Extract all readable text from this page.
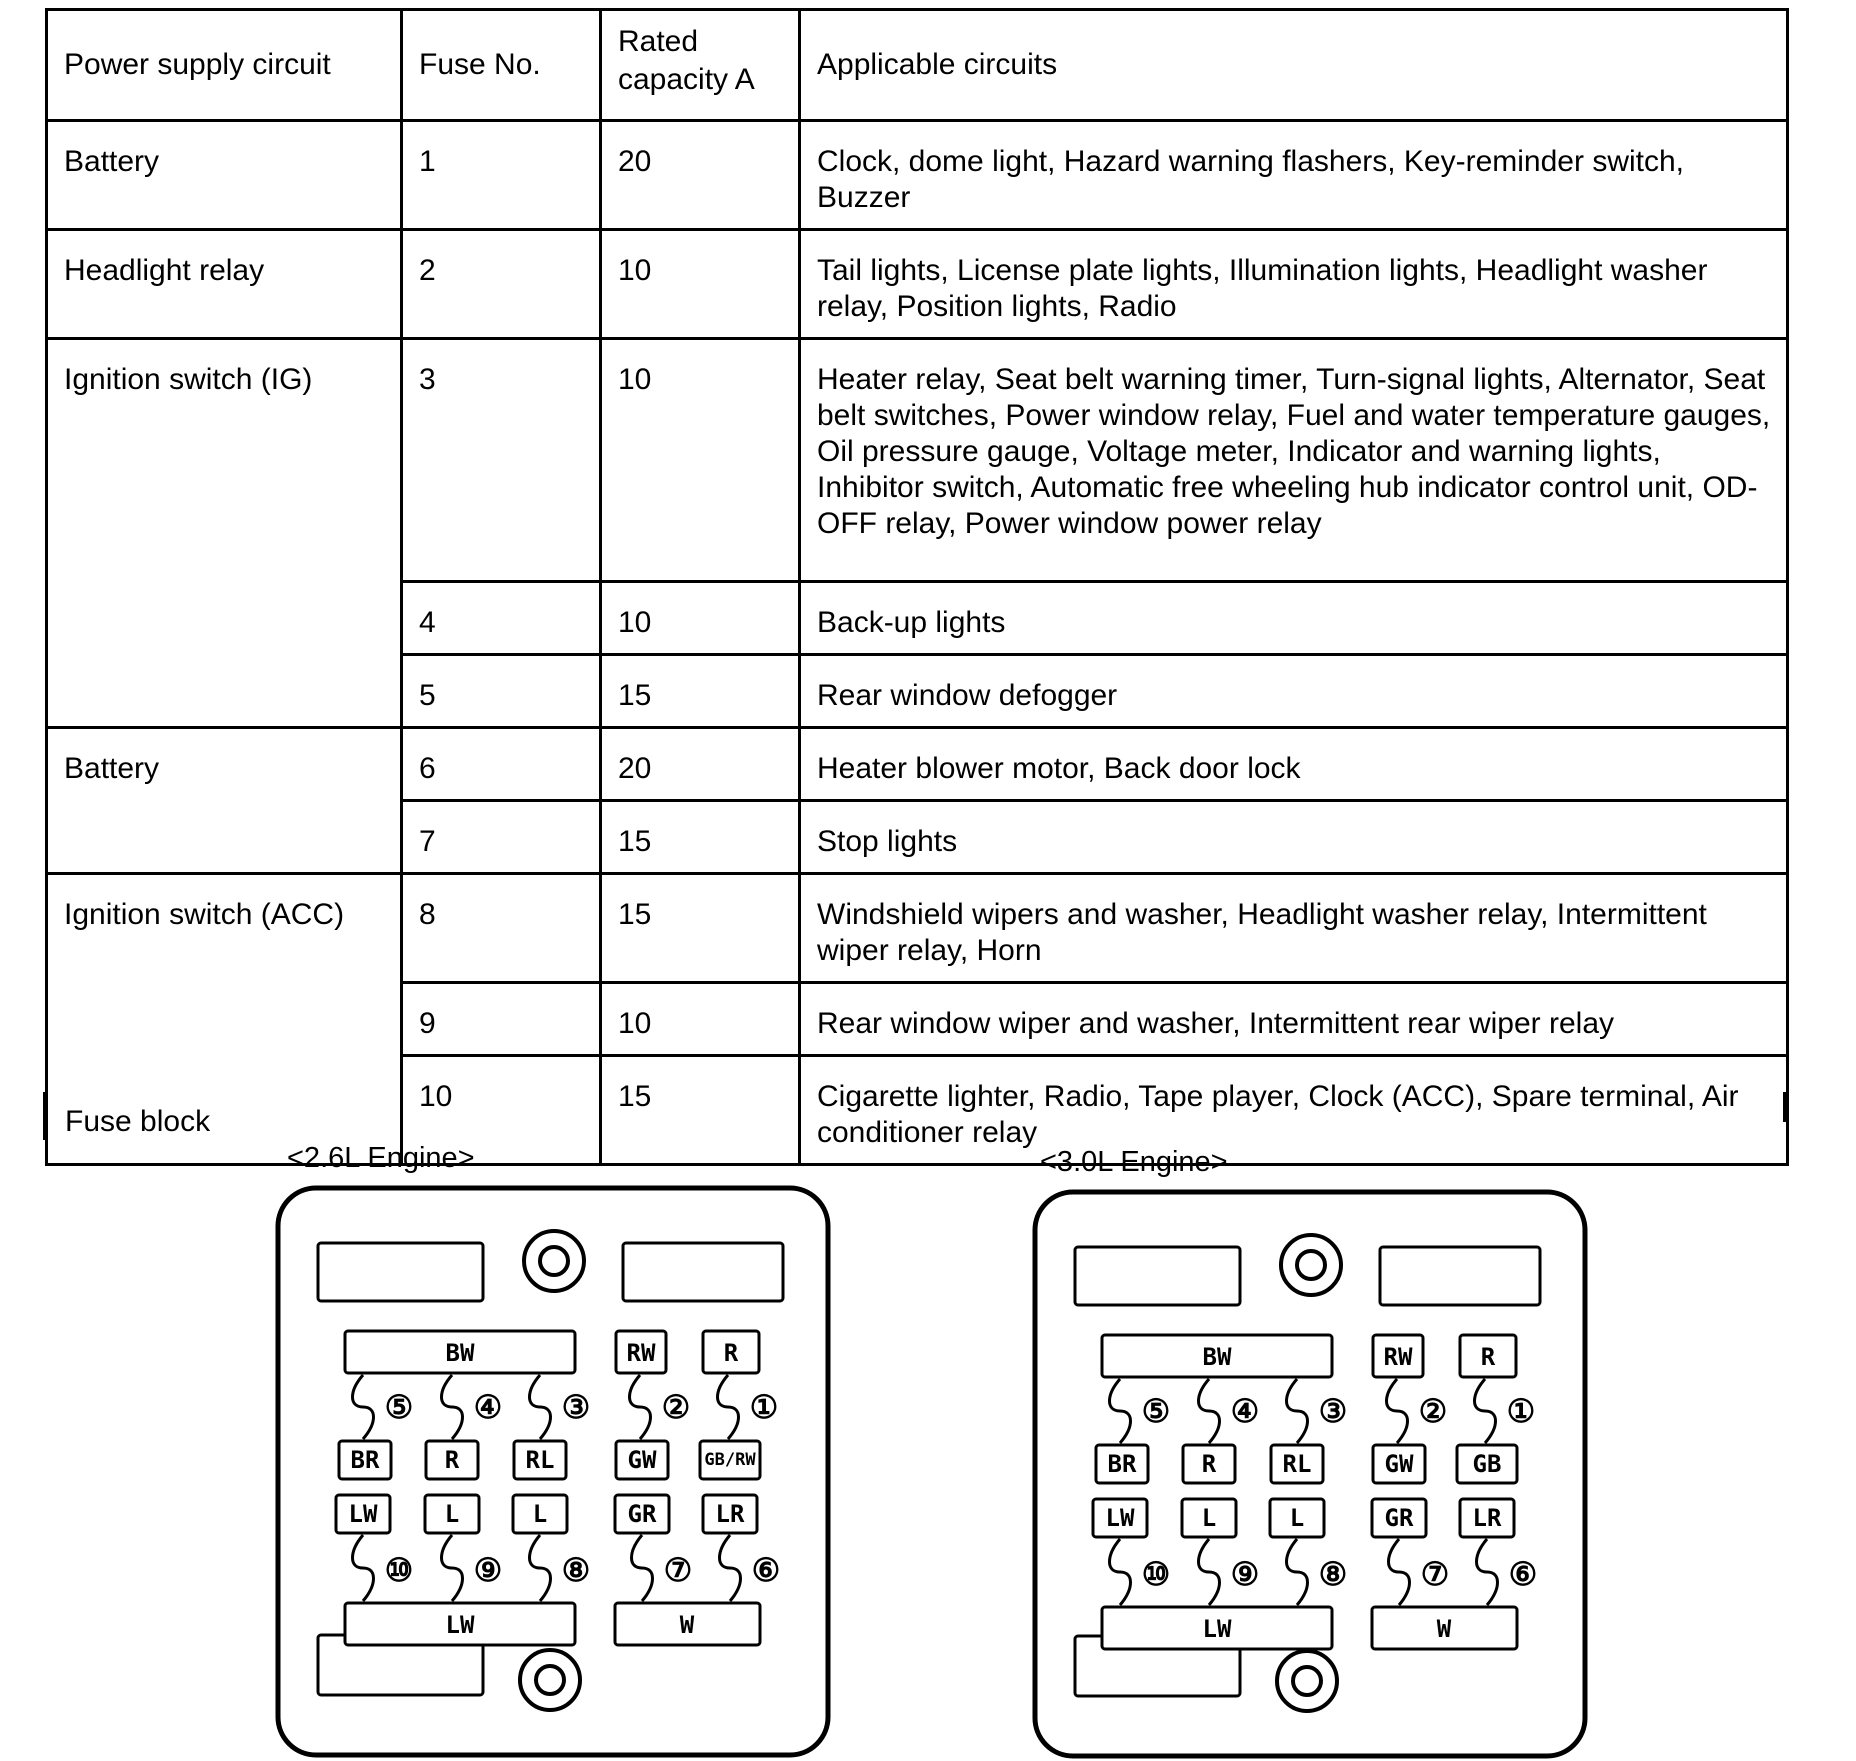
Power supply circuit	Fuse No.	Rated capacity A	Applicable circuits
Battery	1	20	Clock, dome light, Hazard warning flashers, Key-reminder switch, Buzzer
Headlight relay	2	10	Tail lights, License plate lights, Illumination lights, Headlight washer relay, Position lights, Radio
Ignition switch (IG)	3	10	Heater relay, Seat belt warning timer, Turn-signal lights, Alternator, Seat belt switches, Power window relay, Fuel and water temperature gauges, Oil pressure gauge, Voltage meter, Indicator and warning lights, Inhibitor switch, Automatic free wheeling hub indicator control unit, OD-OFF relay, Power window power relay
	4	10	Back-up lights
	5	15	Rear window defogger
Battery	6	20	Heater blower motor, Back door lock
	7	15	Stop lights
Ignition switch (ACC)	8	15	Windshield wipers and washer, Headlight washer relay, Intermittent wiper relay, Horn
	9	10	Rear window wiper and washer, Intermittent rear wiper relay
	10	15	Cigarette lighter, Radio, Tape player, Clock (ACC), Spare terminal, Air conditioner relay
Fuse block
<2.6L Engine>	<3.0L Engine>
BW	RW	R
BR	R	RL	GW	GB/RW
LW	L	L	GR LR
⑤ ④ ③ ② ①
LW	W
⑩ ⑨ ⑧ ⑦ ⑥
BW	RW	R
BR	R	RL	GW GB
LW	L	L	GR LR
⑤ ④ ③ ② ①
LW	W
⑩ ⑨ ⑧ ⑦ ⑥
